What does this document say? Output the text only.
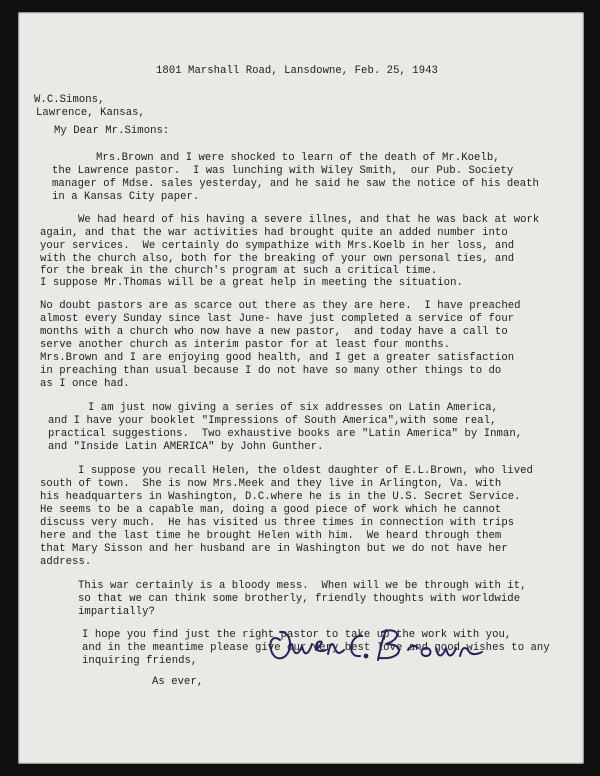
1801 Marshall Road, Lansdowne, Feb. 25, 1943
W.C.Simons,
Lawrence, Kansas,
My Dear Mr.Simons:
Mrs.Brown and I were shocked to learn of the death of Mr.Koelb,
the Lawrence pastor.  I was lunching with Wiley Smith,  our Pub. Society
manager of Mdse. sales yesterday, and he said he saw the notice of his death
in a Kansas City paper.
We had heard of his having a severe illnes, and that he was back at work
again, and that the war activities had brought quite an added number into
your services.  We certainly do sympathize with Mrs.Koelb in her loss, and
with the church also, both for the breaking of your own personal ties, and
for the break in the church's program at such a critical time.
I suppose Mr.Thomas will be a great help in meeting the situation.
No doubt pastors are as scarce out there as they are here.  I have preached
almost every Sunday since last June- have just completed a service of four
months with a church who now have a new pastor,  and today have a call to
serve another church as interim pastor for at least four months.
Mrs.Brown and I are enjoying good health, and I get a greater satisfaction
in preaching than usual because I do not have so many other things to do
as I once had.
I am just now giving a series of six addresses on Latin America,
and I have your booklet "Impressions of South America",with some real,
practical suggestions.  Two exhaustive books are "Latin America" by Inman,
and "Inside Latin AMERICA" by John Gunther.
I suppose you recall Helen, the oldest daughter of E.L.Brown, who lived
south of town.  She is now Mrs.Meek and they live in Arlington, Va. with
his headquarters in Washington, D.C.where he is in the U.S. Secret Service.
He seems to be a capable man, doing a good piece of work which he cannot
discuss very much.  He has visited us three times in connection with trips
here and the last time he brought Helen with him.  We heard through them
that Mary Sisson and her husband are in Washington but we do not have her
address.
This war certainly is a bloody mess.  When will we be through with it,
so that we can think some brotherly, friendly thoughts with worldwide
impartially?
I hope you find just the right pastor to take up the work with you,
and in the meantime please give our very best love and good wishes to any
inquiring friends,
As ever,
